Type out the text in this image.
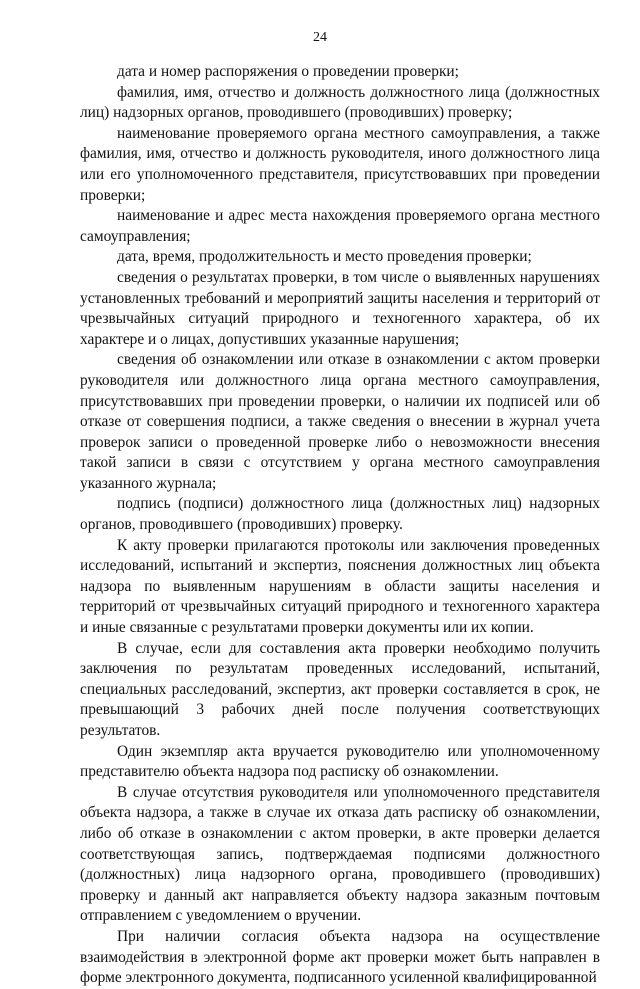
24

дата и номер распоряжения о проведении проверки;

фамилия, имя, отчество и должность должностного лица (должностных лиц) надзорных органов, проводившего (проводивших) проверку;

наименование проверяемого органа местного самоуправления, а также фамилия, имя, отчество и должность руководителя, иного должностного лица или его уполномоченного представителя, присутствовавших при проведении проверки;

наименование и адрес места нахождения проверяемого органа местного самоуправления;

дата, время, продолжительность и место проведения проверки;

сведения о результатах проверки, в том числе о выявленных нарушениях установленных требований и мероприятий защиты населения и территорий от чрезвычайных ситуаций природного и техногенного характера, об их характере и о лицах, допустивших указанные нарушения;

сведения об ознакомлении или отказе в ознакомлении с актом проверки руководителя или должностного лица органа местного самоуправления, присутствовавших при проведении проверки, о наличии их подписей или об отказе от совершения подписи, а также сведения о внесении в журнал учета проверок записи о проведенной проверке либо о невозможности внесения такой записи в связи с отсутствием у органа местного самоуправления указанного журнала;

подпись (подписи) должностного лица (должностных лиц) надзорных органов, проводившего (проводивших) проверку.

К акту проверки прилагаются протоколы или заключения проведенных исследований, испытаний и экспертиз, пояснения должностных лиц объекта надзора по выявленным нарушениям в области защиты населения и территорий от чрезвычайных ситуаций природного и техногенного характера и иные связанные с результатами проверки документы или их копии.

В случае, если для составления акта проверки необходимо получить заключения по результатам проведенных исследований, испытаний, специальных расследований, экспертиз, акт проверки составляется в срок, не превышающий 3 рабочих дней после получения соответствующих результатов.

Один экземпляр акта вручается руководителю или уполномоченному представителю объекта надзора под расписку об ознакомлении.

В случае отсутствия руководителя или уполномоченного представителя объекта надзора, а также в случае их отказа дать расписку об ознакомлении, либо об отказе в ознакомлении с актом проверки, в акте проверки делается соответствующая запись, подтверждаемая подписями должностного (должностных) лица надзорного органа, проводившего (проводивших) проверку и данный акт направляется объекту надзора заказным почтовым отправлением с уведомлением о вручении.

При наличии согласия объекта надзора на осуществление взаимодействия в электронной форме акт проверки может быть направлен в форме электронного документа, подписанного усиленной квалифицированной
